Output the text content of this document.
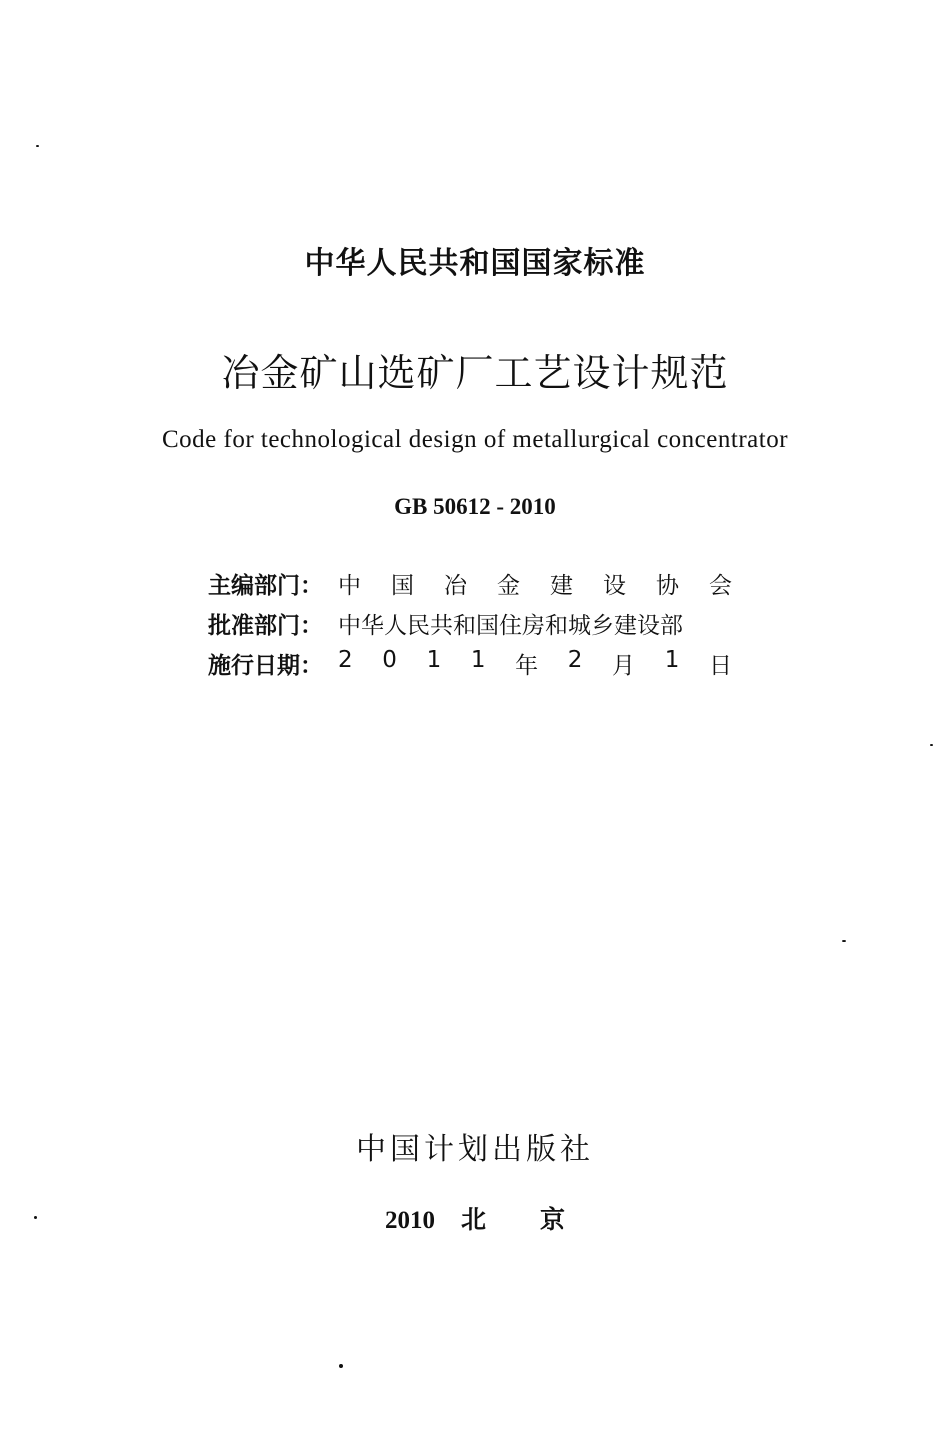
中华人民共和国国家标准
冶金矿山选矿厂工艺设计规范
Code for technological design of metallurgical concentrator
GB 50612 - 2010
主编部门： 中 国 冶 金 建 设 协 会
批准部门： 中华人民共和国住房和城乡建设部
施行日期： 2 0 1 1 年 2 月 1 日
中国计划出版社
2010 北 京
